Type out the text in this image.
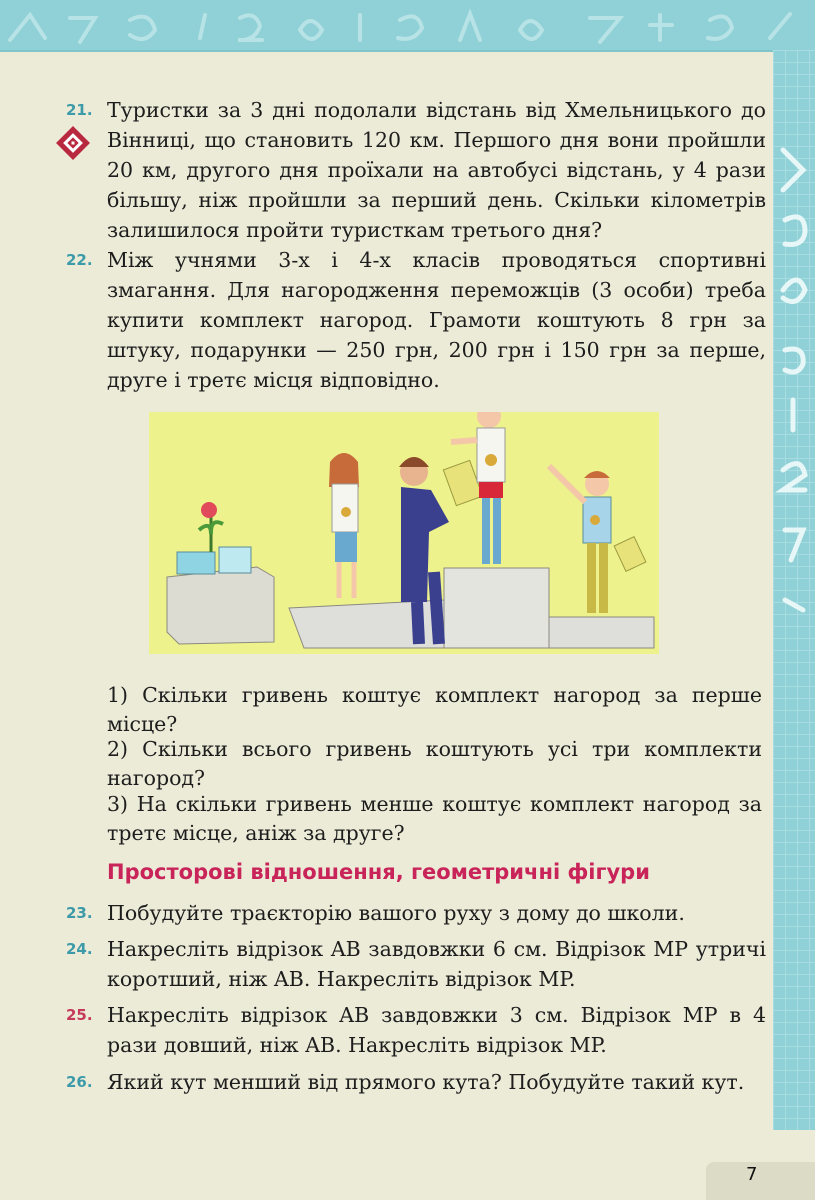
21. Туристки за 3 дні подолали відстань від Хмельницького до Вінниці, що становить 120 км. Першого дня вони пройшли 20 км, другого дня проїхали на автобусі відстань, у 4 рази більшу, ніж пройшли за перший день. Скільки кілометрів залишилося пройти туристкам третього дня?
22. Між учнями 3-х і 4-х класів проводяться спортивні змагання. Для нагородження переможців (3 особи) треба купити комплект нагород. Грамоти коштують 8 грн за штуку, подарунки — 250 грн, 200 грн і 150 грн за перше, друге і третє місця відповідно.
1) Скільки гривень коштує комплект нагород за перше місце?
2) Скільки всього гривень коштують усі три комплекти нагород?
3) На скільки гривень менше коштує комплект нагород за третє місце, аніж за друге?
Просторові відношення, геометричні фігури
23. Побудуйте траєкторію вашого руху з дому до школи.
24. Накресліть відрізок AB завдовжки 6 см. Відрізок MP утричі коротший, ніж AB. Накресліть відрізок MP.
25. Накресліть відрізок AB завдовжки 3 см. Відрізок MP в 4 рази довший, ніж AB. Накресліть відрізок MP.
26. Який кут менший від прямого кута? Побудуйте такий кут.
7
